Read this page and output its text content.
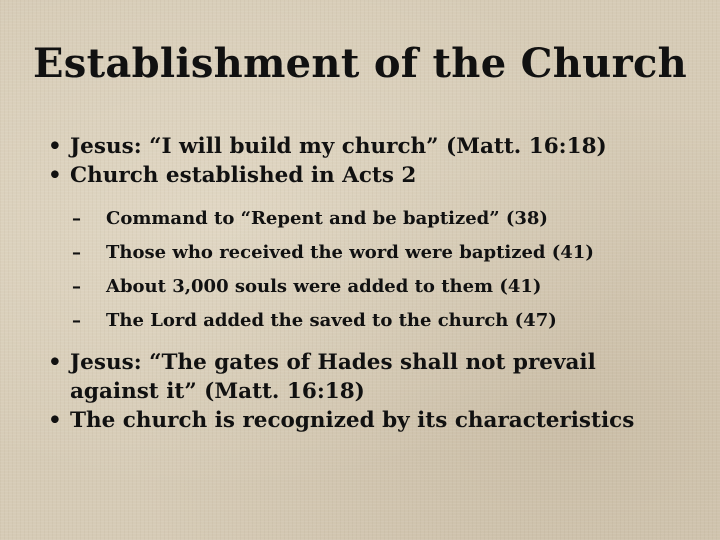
Establishment of the Church
• Jesus: “I will build my church” (Matt. 16:18)
• Church established in Acts 2
– Command to “Repent and be baptized” (38)
– Those who received the word were baptized (41)
– About 3,000 souls were added to them (41)
– The Lord added the saved to the church (47)
• Jesus: “The gates of Hades shall not prevail against it” (Matt. 16:18)
• The church is recognized by its characteristics
